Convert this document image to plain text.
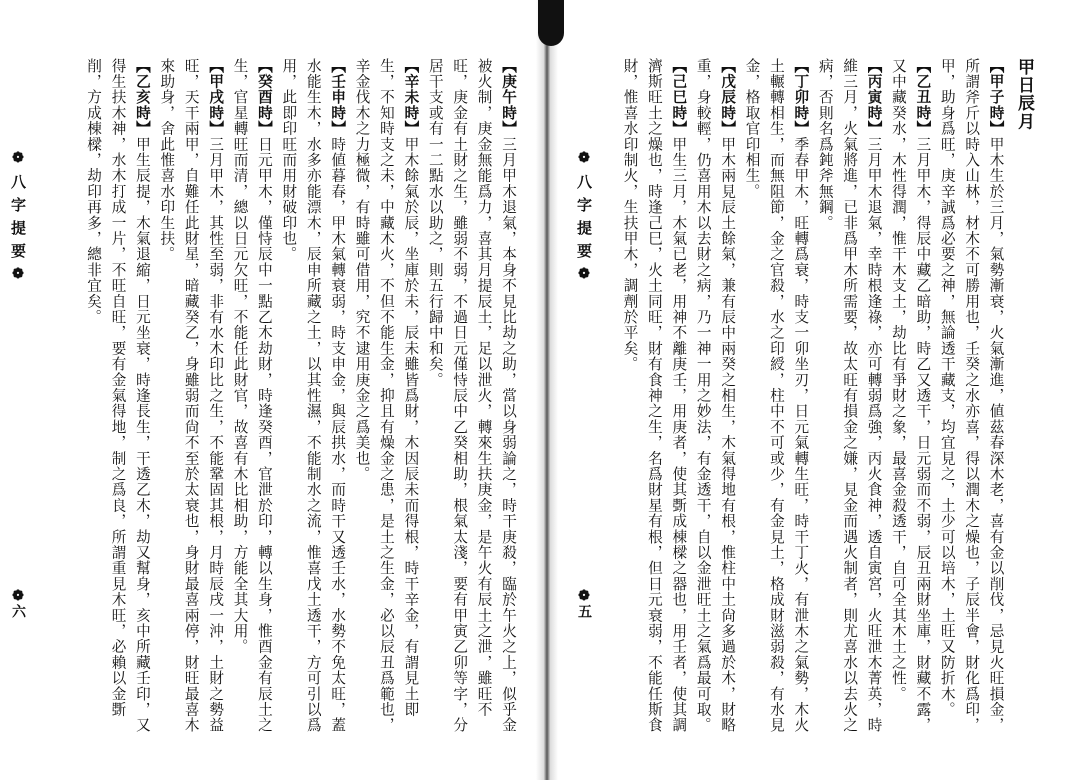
【庚午時】三月甲木退氣，本身不見比劫之助，當以身弱論之，時干庚殺，臨於午火之上，似乎金被火制，庚金無能爲力，喜其月提辰土，足以泄火，轉來生扶庚金，是午火有辰土之泄，雖旺不旺，庚金有土財之生，雖弱不弱，不過日元僅恃辰中乙癸相助，根氣太淺，要有甲寅乙卯等字，分居干支或有一二點水以助之，則五行歸中和矣。

【辛未時】甲木餘氣於辰，坐庫於未，辰未雖皆爲財，木因辰未而得根，時干辛金，有謂見土即生，不知時支之未，中藏木火，不但不能生金，抑且有燥金之患，是土之生金，必以辰丑爲範也，辛金伐木之力極微，有時雖可借用，究不逮用庚金之爲美也。

【壬申時】時値暮春，甲木氣轉衰弱，時支申金，與辰拱水，而時干又透壬水，水勢不免太旺，蓋水能生木，水多亦能漂木，辰申所藏之土，以其性濕，不能制水之流，惟喜戊土透干，方可引以爲用，此即印旺而用財破印也。

【癸酉時】日元甲木，僅恃辰中一點乙木劫財，時逢癸酉，官泄於印，轉以生身，惟酉金有辰土之生，官星轉旺而清，總以日元欠旺，不能任此財官，故喜有木比相助，方能全其大用。

【甲戌時】三月甲木，其性至弱，非有水木印比之生，不能鞏固其根，月時辰戌一沖，土財之勢益旺，天干兩甲，自難任此財星，暗藏癸乙，身雖弱而尙不至於太衰也，身財最喜兩停，財旺最喜木來助身，舍此惟喜水印生扶。

【乙亥時】甲生辰提，木氣退縮，日元坐衰，時逢長生，干透乙木，劫又幫身，亥中所藏壬印，又得生扶木神，水木打成一片，不旺自旺，要有金氣得地，制之爲良，所謂重見木旺，必賴以金斲削，方成棟樑，劫印再多，總非宜矣。

❁八字提要❁
❁六

甲日辰月

【甲子時】甲木生於三月，氣勢漸衰，火氣漸進，値茲春深木老，喜有金以削伐，忌見火旺損金，所謂斧斤以時入山林，材木不可勝用也，壬癸之水亦喜，得以潤木之燥也，子辰半會，財化爲印，甲，助身爲旺，庚辛誠爲必要之神，無論透干藏支，均宜見之，土少可以培木，土旺又防折木。

【乙丑時】三月甲木，得辰中藏乙暗助，時乙又透干，日元弱而不弱，辰丑兩財坐庫，財藏不露，又中藏癸水，木性得潤，惟干木支土，劫比有爭財之象，最喜金殺透干，自可全其木土之性。

【丙寅時】三月甲木退氣，幸時根逢祿，亦可轉弱爲強，丙火食神，透自寅宮，火旺泄木菁英，時維三月，火氣將進，已非爲甲木所需要，故太旺有損金之嫌，見金而遇火制者，則尤喜水以去火之病，否則名爲鈍斧無鋼。

【丁卯時】季春甲木，旺轉爲衰，時支一卯坐刃，日元氣轉生旺，時干丁火，有泄木之氣勢，木火土輾轉相生，而無阻節，金之官殺，水之印綬，柱中不可或少，有金見土，格成財滋弱殺，有水見金，格取官印相生。

【戊辰時】甲木兩見辰土餘氣，兼有辰中兩癸之相生，木氣得地有根，惟柱中土尙多過於木，財略重，身較輕，仍喜用木以去財之病，乃一神一用之妙法，有金透干，自以金泄旺土之氣爲最可取。

【己巳時】甲生三月，木氣已老，用神不離庚壬，用庚者，使其斲成棟樑之器也，用壬者，使其調濟斯旺土之燥也，時逢己巳，火土同旺，財有食神之生，名爲財星有根，但日元衰弱，不能任斯食財，惟喜水印制火，生扶甲木，調劑於平矣。

❁八字提要❁
❁五
